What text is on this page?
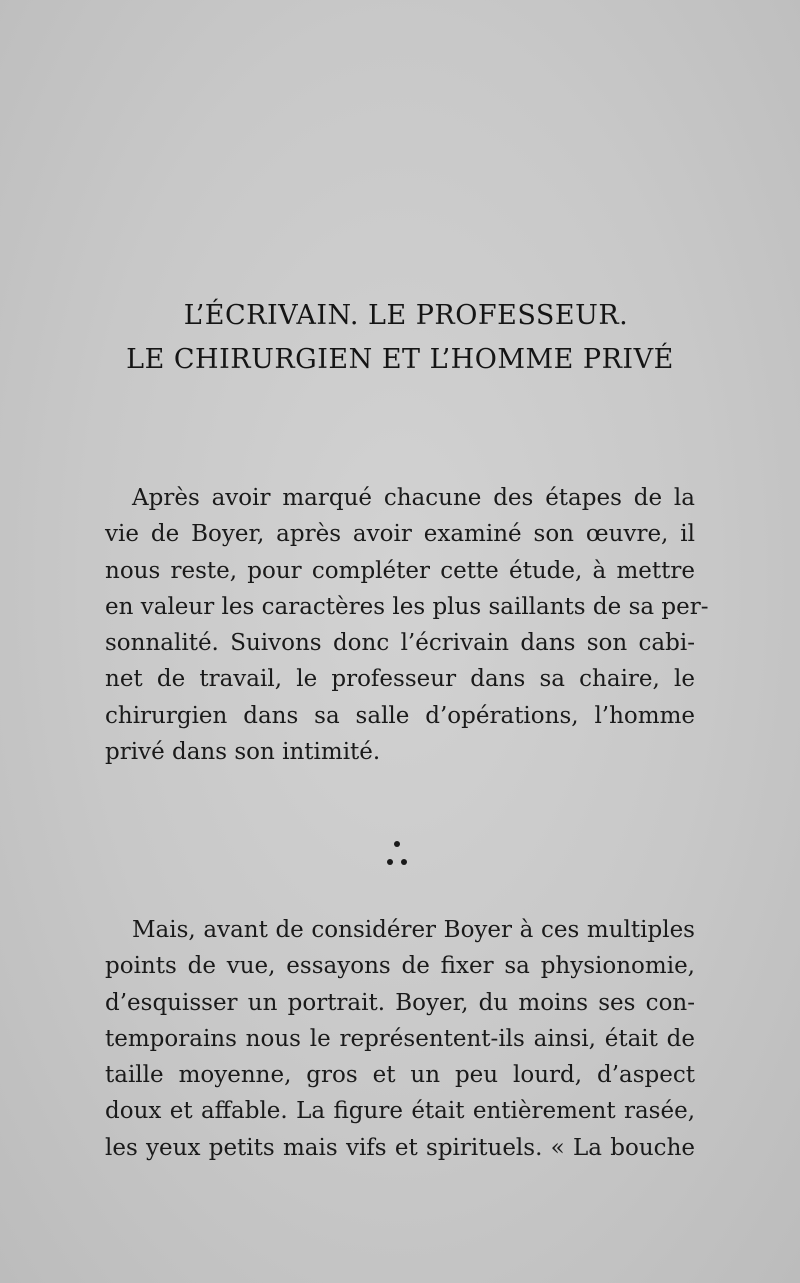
L’ÉCRIVAIN. LE PROFESSEUR.
LE CHIRURGIEN ET L’HOMME PRIVÉ
Après avoir marqué chacune des étapes de la
vie de Boyer, après avoir examiné son œuvre, il
nous reste, pour compléter cette étude, à mettre
en valeur les caractères les plus saillants de sa per-
sonnalité. Suivons donc l’écrivain dans son cabi-
net de travail, le professeur dans sa chaire, le
chirurgien dans sa salle d’opérations, l’homme
privé dans son intimité.
Mais, avant de considérer Boyer à ces multiples
points de vue, essayons de fixer sa physionomie,
d’esquisser un portrait. Boyer, du moins ses con-
temporains nous le représentent-ils ainsi, était de
taille moyenne, gros et un peu lourd, d’aspect
doux et affable. La figure était entièrement rasée,
les yeux petits mais vifs et spirituels. « La bouche
